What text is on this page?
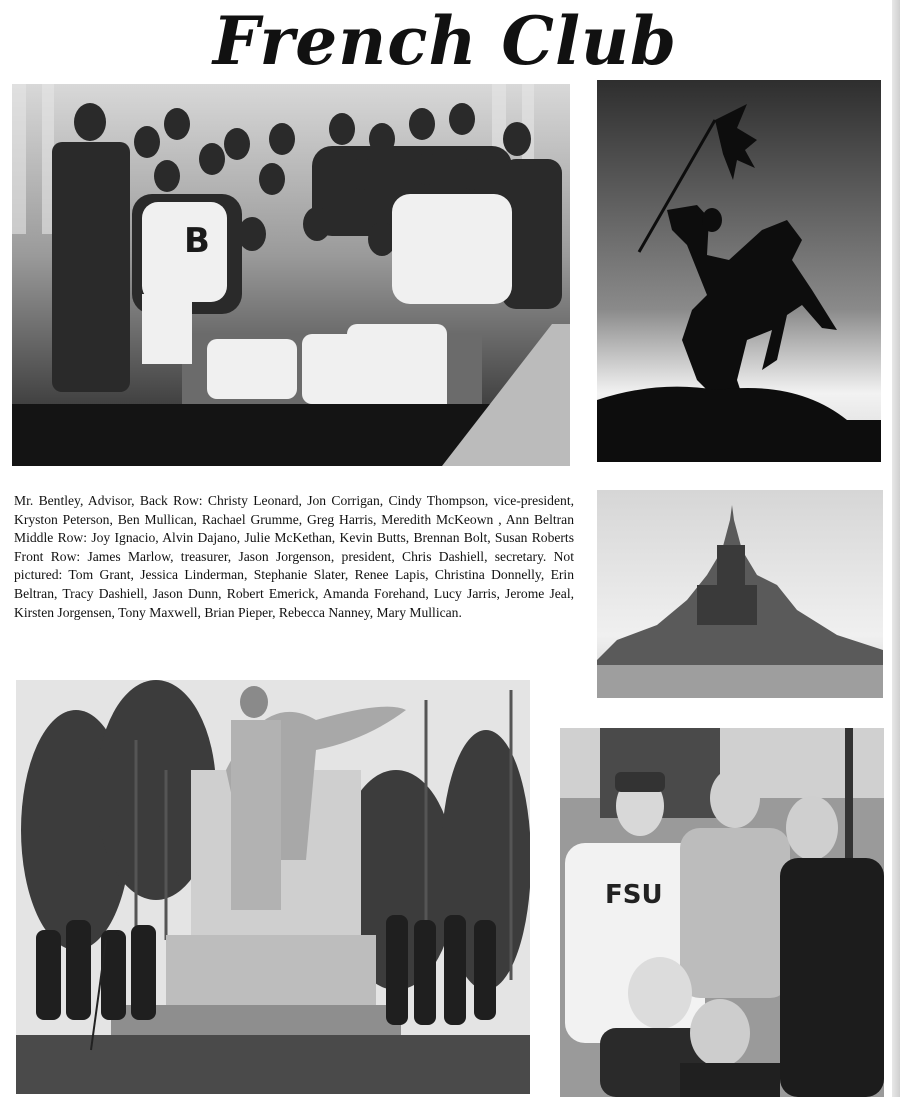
French Club
B
Mr. Bentley, Advisor, Back Row: Christy Leonard, Jon Corrigan, Cindy Thompson, vice-president, Kryston Peterson, Ben Mullican, Rachael Grumme, Greg Harris, Meredith McKeown , Ann Beltran Middle Row: Joy Ignacio, Alvin Dajano, Julie McKethan, Kevin Butts, Brennan Bolt, Susan Roberts Front Row: James Marlow, treasurer, Jason Jorgenson, president, Chris Dashiell, secretary. Not pictured: Tom Grant, Jessica Linderman, Stephanie Slater, Renee Lapis, Christina Donnelly, Erin Beltran, Tracy Dashiell, Jason Dunn, Robert Emerick, Amanda Forehand, Lucy Jarris, Jerome Jeal, Kirsten Jorgensen, Tony Maxwell, Brian Pieper, Rebecca Nanney, Mary Mullican.
FSU
